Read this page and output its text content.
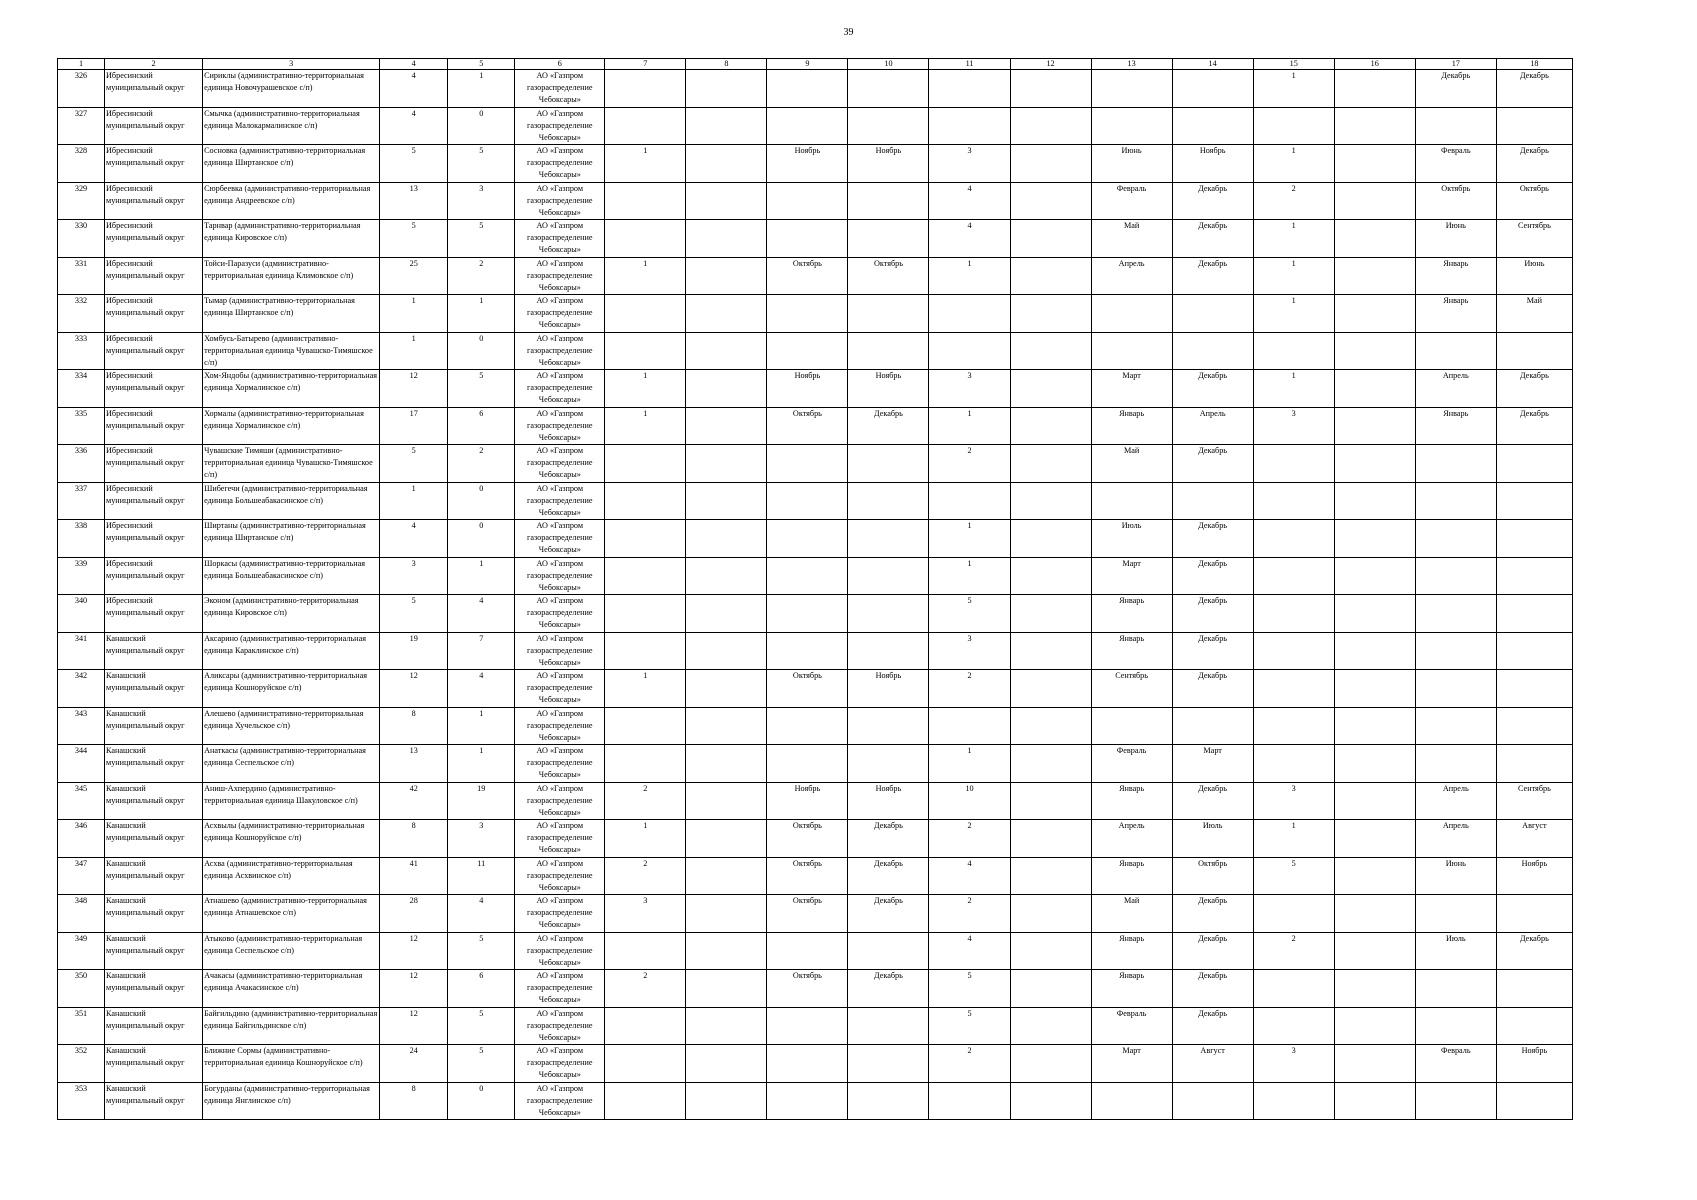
39
1	2	3	4	5	6	7	8	9	10	11	12	13	14	15	16	17	18
326	Ибресинский муниципальный округ	Сириклы (административно-территориальная единица Новочурашевское с/п)	4	1	АО «Газпром газораспределение Чебоксары»									1		Декабрь	Декабрь
327	Ибресинский муниципальный округ	Смычка (административно-территориальная единица Малокармалинское с/п)	4	0	АО «Газпром газораспределение Чебоксары»												
328	Ибресинский муниципальный округ	Сосновка (административно-территориальная единица Ширтанское с/п)	5	5	АО «Газпром газораспределение Чебоксары»	1		Ноябрь	Ноябрь	3		Июнь	Ноябрь	1		Февраль	Декабрь
329	Ибресинский муниципальный округ	Сюрбеевка (административно-территориальная единица Андреевское с/п)	13	3	АО «Газпром газораспределение Чебоксары»					4		Февраль	Декабрь	2		Октябрь	Октябрь
330	Ибресинский муниципальный округ	Тарнвар (административно-территориальная единица Кировское с/п)	5	5	АО «Газпром газораспределение Чебоксары»					4		Май	Декабрь	1		Июнь	Сентябрь
331	Ибресинский муниципальный округ	Тойси-Паразуси (административно-территориальная единица Климовское с/п)	25	2	АО «Газпром газораспределение Чебоксары»	1		Октябрь	Октябрь	1		Апрель	Декабрь	1		Январь	Июнь
332	Ибресинский муниципальный округ	Тымар (административно-территориальная единица Ширтанское с/п)	1	1	АО «Газпром газораспределение Чебоксары»									1		Январь	Май
333	Ибресинский муниципальный округ	Хомбусь-Батырево (административно-территориальная единица Чувашско-Тимяшское с/п)	1	0	АО «Газпром газораспределение Чебоксары»												
334	Ибресинский муниципальный округ	Хом-Яндобы (административно-территориальная единица Хормалинское с/п)	12	5	АО «Газпром газораспределение Чебоксары»	1		Ноябрь	Ноябрь	3		Март	Декабрь	1		Апрель	Декабрь
335	Ибресинский муниципальный округ	Хормалы (административно-территориальная единица Хормалинское с/п)	17	6	АО «Газпром газораспределение Чебоксары»	1		Октябрь	Декабрь	1		Январь	Апрель	3		Январь	Декабрь
336	Ибресинский муниципальный округ	Чувашские Тимяши (административно-территориальная единица Чувашско-Тимяшское с/п)	5	2	АО «Газпром газораспределение Чебоксары»					2		Май	Декабрь				
337	Ибресинский муниципальный округ	Шибегечи (административно-территориальная единица Большеабакасинское с/п)	1	0	АО «Газпром газораспределение Чебоксары»												
338	Ибресинский муниципальный округ	Ширтаны (административно-территориальная единица Ширтанское с/п)	4	0	АО «Газпром газораспределение Чебоксары»					1		Июль	Декабрь				
339	Ибресинский муниципальный округ	Шоркасы (административно-территориальная единица Большеабакасинское с/п)	3	1	АО «Газпром газораспределение Чебоксары»					1		Март	Декабрь				
340	Ибресинский муниципальный округ	Эконом (административно-территориальная единица Кировское с/п)	5	4	АО «Газпром газораспределение Чебоксары»					5		Январь	Декабрь				
341	Канашский муниципальный округ	Аксарино (административно-территориальная единица Караклинское с/п)	19	7	АО «Газпром газораспределение Чебоксары»					3		Январь	Декабрь				
342	Канашский муниципальный округ	Аликсары (административно-территориальная единица Кошноруйское с/п)	12	4	АО «Газпром газораспределение Чебоксары»	1		Октябрь	Ноябрь	2		Сентябрь	Декабрь				
343	Канашский муниципальный округ	Алешево (административно-территориальная единица Хучельское с/п)	8	1	АО «Газпром газораспределение Чебоксары»												
344	Канашский муниципальный округ	Анаткасы (административно-территориальная единица Сеспельское с/п)	13	1	АО «Газпром газораспределение Чебоксары»					1		Февраль	Март				
345	Канашский муниципальный округ	Аниш-Ахпердино (административно-территориальная единица Шакуловское с/п)	42	19	АО «Газпром газораспределение Чебоксары»	2		Ноябрь	Ноябрь	10		Январь	Декабрь	3		Апрель	Сентябрь
346	Канашский муниципальный округ	Асхвылы (административно-территориальная единица Кошноруйское с/п)	8	3	АО «Газпром газораспределение Чебоксары»	1		Октябрь	Декабрь	2		Апрель	Июль	1		Апрель	Август
347	Канашский муниципальный округ	Асхва (административно-территориальная единица Асхвинское с/п)	41	11	АО «Газпром газораспределение Чебоксары»	2		Октябрь	Декабрь	4		Январь	Октябрь	5		Июнь	Ноябрь
348	Канашский муниципальный округ	Атнашево (административно-территориальная единица Атнашевское с/п)	28	4	АО «Газпром газораспределение Чебоксары»	3		Октябрь	Декабрь	2		Май	Декабрь				
349	Канашский муниципальный округ	Атыково (административно-территориальная единица Сеспельское с/п)	12	5	АО «Газпром газораспределение Чебоксары»					4		Январь	Декабрь	2		Июль	Декабрь
350	Канашский муниципальный округ	Ачакасы (административно-территориальная единица Ачакасинское с/п)	12	6	АО «Газпром газораспределение Чебоксары»	2		Октябрь	Декабрь	5		Январь	Декабрь				
351	Канашский муниципальный округ	Байгильдино (административно-территориальная единица Байгильдинское с/п)	12	5	АО «Газпром газораспределение Чебоксары»					5		Февраль	Декабрь				
352	Канашский муниципальный округ	Ближние Сормы (административно-территориальная единица Кошноруйское с/п)	24	5	АО «Газпром газораспределение Чебоксары»					2		Март	Август	3		Февраль	Ноябрь
353	Канашский муниципальный округ	Богурданы (административно-территориальная единица Янглинское с/п)	8	0	АО «Газпром газораспределение Чебоксары»												
